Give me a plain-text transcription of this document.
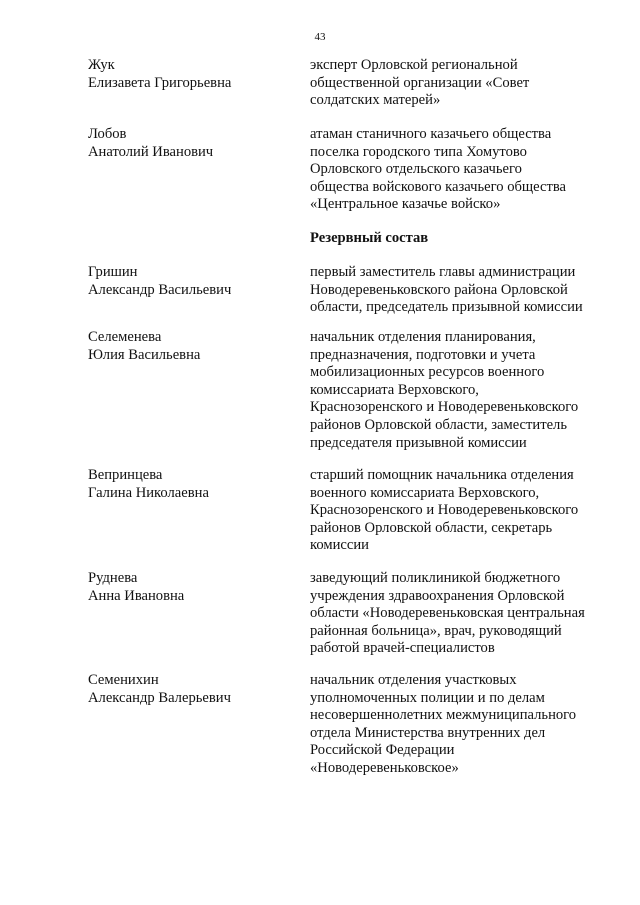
43
Жук
Елизавета Григорьевна
эксперт Орловской региональной
общественной организации «Совет
солдатских матерей»
Лобов
Анатолий Иванович
атаман станичного казачьего общества
поселка городского типа Хомутово
Орловского отдельского казачьего
общества войскового казачьего общества
«Центральное казачье войско»
Резервный состав
Гришин
Александр Васильевич
первый заместитель главы администрации
Новодеревеньковского района Орловской
области, председатель призывной комиссии
Селеменева
Юлия Васильевна
начальник отделения планирования,
предназначения, подготовки и учета
мобилизационных ресурсов военного
комиссариата Верховского,
Краснозоренского и Новодеревеньковского
районов Орловской области, заместитель
председателя призывной комиссии
Вепринцева
Галина Николаевна
старший помощник начальника отделения
военного комиссариата Верховского,
Краснозоренского и Новодеревеньковского
районов Орловской области, секретарь
комиссии
Руднева
Анна Ивановна
заведующий поликлиникой бюджетного
учреждения здравоохранения Орловской
области «Новодеревеньковская центральная
районная больница», врач, руководящий
работой врачей-специалистов
Семенихин
Александр Валерьевич
начальник отделения участковых
уполномоченных полиции и по делам
несовершеннолетних межмуниципального
отдела Министерства внутренних дел
Российской Федерации
«Новодеревеньковское»
